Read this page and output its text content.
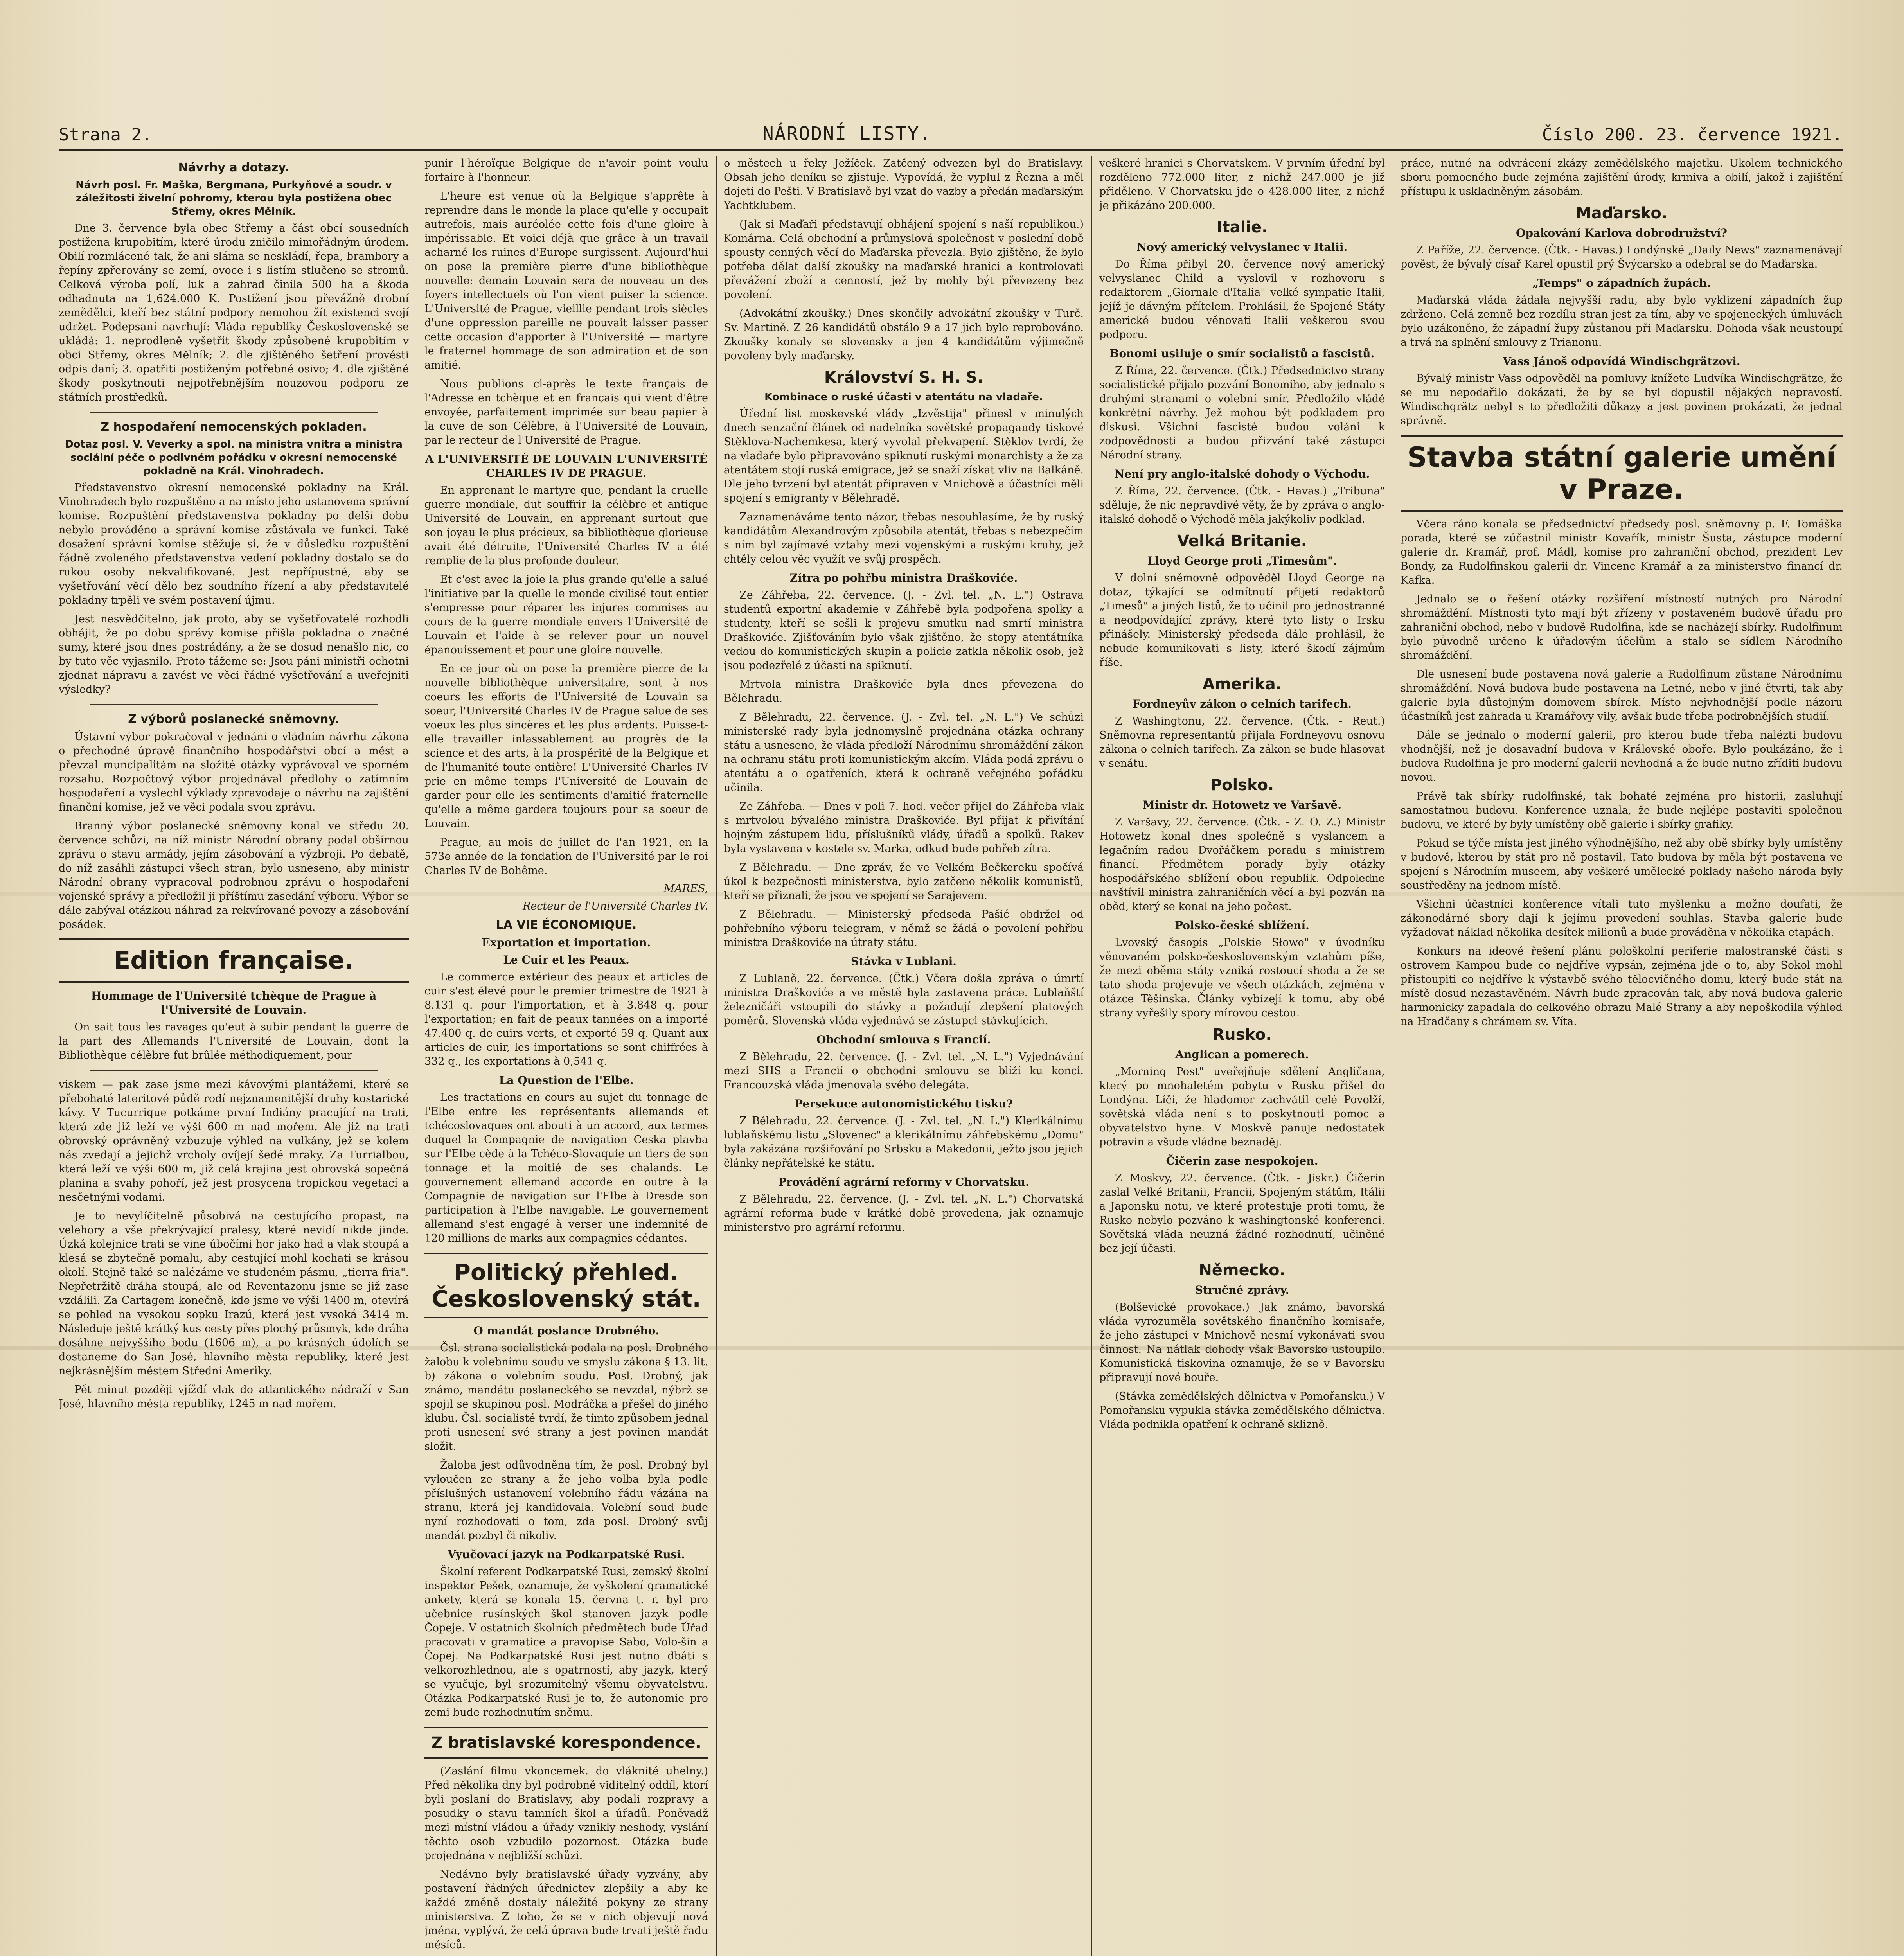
Strana 2.	NÁRODNÍ LISTY.	Číslo 200. 23. července 1921.
Návrhy a dotazy.
Návrh posl. Fr. Maška, Bergmana, Purkyňové a soudr. v záležitosti živelní pohromy, kterou byla postižena obec Střemy, okres Mělník.

Dne 3. července byla obec Střemy a část obcí sousedních postižena krupobitím, které úrodu zničilo mimořádným úrodem. Obilí rozmlácené tak, že ani sláma se neskládí, řepa, brambory a řepíny zpřerovány se zemí, ovoce i s listím stlučeno se stromů. Celková výroba polí, luk a zahrad činila 500 ha a škoda odhadnuta na 1,624.000 K. Postižení jsou převážně drobní zemědělci, kteří bez státní podpory nemohou žít existenci svojí udržet. Podepsaní navrhují: Vláda republiky Československé se ukládá: 1. neprodleně vyšetřit škody způsobené krupobitím v obci Střemy, okres Mělník; 2. dle zjištěného šetření provésti odpis daní; 3. opatřiti postiženým potřebné osivo; 4. dle zjištěné škody poskytnouti nejpotřebnějším nouzovou podporu ze státních prostředků.

Z hospodaření nemocenských pokladen.
Dotaz posl. V. Veverky a spol. na ministra vnitra a ministra sociální péče o podivném pořádku v okresní nemocenské pokladně na Král. Vinohradech.

Představenstvo okresní nemocenské pokladny na Král. Vinohradech bylo rozpuštěno a na místo jeho ustanovena správní komise. Rozpuštění představenstva pokladny po delší dobu nebylo prováděno a správní komise zůstávala ve funkci. Také dosažení správní komise stěžuje si, že v důsledku rozpuštění řádně zvoleného představenstva vedení pokladny dostalo se do rukou osoby nekvalifikované. Jest nepřípustné, aby se vyšetřování věcí dělo bez soudního řízení a aby představitelé pokladny trpěli ve svém postavení újmu.

Jest nesvědčitelno, jak proto, aby se vyšetřovatelé rozhodli obhájit, že po dobu správy komise přišla pokladna o značné sumy, které jsou dnes postrádány, a že se dosud nenašlo nic, co by tuto věc vyjasnilo. Proto tážeme se: Jsou páni ministři ochotni zjednat nápravu a zavést ve věci řádné vyšetřování a uveřejniti výsledky?

Z výborů poslanecké sněmovny.

Ústavní výbor pokračoval v jednání o vládním návrhu zákona o přechodné úpravě finančního hospodářství obcí a měst a převzal muncipalitám na složité otázky vyprávoval ve sporném rozsahu. Rozpočtový výbor projednával předlohy o zatímním hospodaření a vyslechl výklady zpravodaje o návrhu na zajištění finanční komise, jež ve věci podala svou zprávu.

Branný výbor poslanecké sněmovny konal ve středu 20. července schůzi, na níž ministr Národní obrany podal obšírnou zprávu o stavu armády, jejím zásobování a výzbroji. Po debatě, do níž zasáhli zástupci všech stran, bylo usneseno, aby ministr Národní obrany vypracoval podrobnou zprávu o hospodaření vojenské správy a předložil ji příštímu zasedání výboru. Výbor se dále zabýval otázkou náhrad za rekvírované povozy a zásobování posádek.

Edition française.
Hommage de l'Université tchèque de Prague à l'Université de Louvain.

On sait tous les ravages qu'eut à subir pendant la guerre de la part des Allemands l'Université de Louvain, dont la Bibliothèque célèbre fut brûlée méthodiquement, pour

viskem — pak zase jsme mezi kávovými plantážemi, které se přebohaté lateritové půdě rodí nejznamenitější druhy kostarické kávy. V Tucurrique potkáme první Indiány pracující na trati, která zde již leží ve výši 600 m nad mořem. Ale již na trati obrovský oprávněný vzbuzuje výhled na vulkány, jež se kolem nás zvedají a jejichž vrcholy ovíjejí šedé mraky. Za Turrialbou, která leží ve výši 600 m, již celá krajina jest obrovská sopečná planina a svahy pohoří, jež jest prosycena tropickou vegetací a nesčetnými vodami.

Je to nevylíčitelně působivá na cestujícího propast, na velehory a vše překrývající pralesy, které nevidí nikde jinde. Úzká kolejnice trati se vine úbočími hor jako had a vlak stoupá a klesá se zbytečně pomalu, aby cestující mohl kochati se krásou okolí. Stejně také se nalézáme ve studeném pásmu, „tierra fria". Nepřetržitě dráha stoupá, ale od Reventazonu jsme se již zase vzdálili. Za Cartagem konečně, kde jsme ve výši 1400 m, otevírá se pohled na vysokou sopku Irazú, která jest vysoká 3414 m. Následuje ještě krátký kus cesty přes plochý průsmyk, kde dráha dosáhne nejvyššího bodu (1606 m), a po krásných údolích se dostaneme do San José, hlavního města republiky, které jest nejkrásnějším městem Střední Ameriky.

Pět minut později vjíždí vlak do atlantického nádraží v San José, hlavního města republiky, 1245 m nad mořem.

punir l'héroïque Belgique de n'avoir point voulu forfaire à l'honneur.

L'heure est venue où la Belgique s'apprête à reprendre dans le monde la place qu'elle y occupait autrefois, mais auréolée cette fois d'une gloire à impérissable. Et voici déjà que grâce à un travail acharné les ruines d'Europe surgissent. Aujourd'hui on pose la première pierre d'une bibliothèque nouvelle: demain Louvain sera de nouveau un des foyers intellectuels où l'on vient puiser la science. L'Université de Prague, vieillie pendant trois siècles d'une oppression pareille ne pouvait laisser passer cette occasion d'apporter à l'Université — martyre le fraternel hommage de son admiration et de son amitié.

Nous publions ci-après le texte français de l'Adresse en tchèque et en français qui vient d'être envoyée, parfaitement imprimée sur beau papier à la cuve de son Célèbre, à l'Université de Louvain, par le recteur de l'Université de Prague.

A L'UNIVERSITÉ DE LOUVAIN L'UNIVERSITÉ CHARLES IV DE PRAGUE.

En apprenant le martyre que, pendant la cruelle guerre mondiale, dut souffrir la célèbre et antique Université de Louvain, en apprenant surtout que son joyau le plus précieux, sa bibliothèque glorieuse avait été détruite, l'Université Charles IV a été remplie de la plus profonde douleur.

Et c'est avec la joie la plus grande qu'elle a salué l'initiative par la quelle le monde civilisé tout entier s'empresse pour réparer les injures commises au cours de la guerre mondiale envers l'Université de Louvain et l'aide à se relever pour un nouvel épanouissement et pour une gloire nouvelle.

En ce jour où on pose la première pierre de la nouvelle bibliothèque universitaire, sont à nos coeurs les efforts de l'Université de Louvain sa soeur, l'Université Charles IV de Prague salue de ses voeux les plus sincères et les plus ardents. Puisse-t-elle travailler inlassablement au progrès de la science et des arts, à la prospérité de la Belgique et de l'humanité toute entière! L'Université Charles IV prie en même temps l'Université de Louvain de garder pour elle les sentiments d'amitié fraternelle qu'elle a même gardera toujours pour sa soeur de Louvain.

Prague, au mois de juillet de l'an 1921, en la 573e année de la fondation de l'Université par le roi Charles IV de Bohême.

MARES,
Recteur de l'Université Charles IV.
LA VIE ÉCONOMIQUE.
Exportation et importation.
Le Cuir et les Peaux.

Le commerce extérieur des peaux et articles de cuir s'est élevé pour le premier trimestre de 1921 à 8.131 q. pour l'importation, et à 3.848 q. pour l'exportation; en fait de peaux tannées on a importé 47.400 q. de cuirs verts, et exporté 59 q. Quant aux articles de cuir, les importations se sont chiffrées à 332 q., les exportations à 0,541 q.

La Question de l'Elbe.

Les tractations en cours au sujet du tonnage de l'Elbe entre les représentants allemands et tchécoslovaques ont abouti à un accord, aux termes duquel la Compagnie de navigation Ceska plavba sur l'Elbe cède à la Tchéco-Slovaquie un tiers de son tonnage et la moitié de ses chalands. Le gouvernement allemand accorde en outre à la Compagnie de navigation sur l'Elbe à Dresde son participation à l'Elbe navigable. Le gouvernement allemand s'est engagé à verser une indemnité de 120 millions de marks aux compagnies cédantes.

Politický přehled. Československý stát.
O mandát poslance Drobného.

Čsl. strana socialistická podala na posl. Drobného žalobu k volebnímu soudu ve smyslu zákona § 13. lit. b) zákona o volebním soudu. Posl. Drobný, jak známo, mandátu poslaneckého se nevzdal, nýbrž se spojil se skupinou posl. Modráčka a přešel do jiného klubu. Čsl. socialisté tvrdí, že tímto způsobem jednal proti usnesení své strany a jest povinen mandát složit.

Žaloba jest odůvodněna tím, že posl. Drobný byl vyloučen ze strany a že jeho volba byla podle příslušných ustanovení volebního řádu vázána na stranu, která jej kandidovala. Volební soud bude nyní rozhodovati o tom, zda posl. Drobný svůj mandát pozbyl či nikoliv.

Vyučovací jazyk na Podkarpatské Rusi.

Školní referent Podkarpatské Rusi, zemský školní inspektor Pešek, oznamuje, že vyškolení gramatické ankety, která se konala 15. června t. r. byl pro učebnice rusínských škol stanoven jazyk podle Čopeje. V ostatních školních předmětech bude Úřad pracovati v gramatice a pravopise Sabo, Volo-šin a Čopej. Na Podkarpatské Rusi jest nutno dbáti s velkorozhlednou, ale s opatrností, aby jazyk, který se vyučuje, byl srozumitelný všemu obyvatelstvu. Otázka Podkarpatské Rusi je to, že autonomie pro zemi bude rozhodnutím sněmu.

Z bratislavské korespondence.

(Zaslání filmu vkoncemek. do vláknité uhelny.) Před několika dny byl podrobně viditelný oddíl, ktorí byli poslaní do Bratislavy, aby podali rozpravy a posudky o stavu tamních škol a úřadů. Poněvadž mezi místní vládou a úřady vznikly neshody, vyslání těchto osob vzbudilo pozornost. Otázka bude projednána v nejbližší schůzi.

Nedávno byly bratislavské úřady vyzvány, aby postavení řádných úřednictev zlepšily a aby ke každé změně dostaly náležité pokyny ze strany ministerstva. Z toho, že se v nich objevují nová jména, vyplývá, že celá úprava bude trvati ještě řadu měsíců.

o městech u řeky Ježíček. Zatčený odvezen byl do Bratislavy. Obsah jeho deníku se zjistuje. Vypovídá, že vyplul z Řezna a měl dojeti do Pešti. V Bratislavě byl vzat do vazby a předán maďarským Yachtklubem.

(Jak si Maďaři představují obhájení spojení s naší republikou.) Komárna. Celá obchodní a průmyslová společnost v poslední době spousty cenných věcí do Maďarska převezla. Bylo zjištěno, že bylo potřeba dělat další zkoušky na maďarské hranici a kontrolovati převážení zboží a cenností, jež by mohly být převezeny bez povolení.

(Advokátní zkoušky.) Dnes skončily advokátní zkoušky v Turč. Sv. Martině. Z 26 kandidátů obstálo 9 a 17 jich bylo reprobováno. Zkoušky konaly se slovensky a jen 4 kandidátům výjimečně povoleny byly maďarsky.

Království S. H. S.
Kombinace o ruské účasti v atentátu na vladaře.

Úřední list moskevské vlády „Izvěstija" přinesl v minulých dnech senzační článek od nadelníka sovětské propagandy tiskové Stěklova-Nachemkesa, který vyvolal překvapení. Stěklov tvrdí, že na vladaře bylo připravováno spiknutí ruskými monarchisty a že za atentátem stojí ruská emigrace, jež se snaží získat vliv na Balkáně. Dle jeho tvrzení byl atentát připraven v Mnichově a účastníci měli spojení s emigranty v Bělehradě.

Zaznamenáváme tento názor, třebas nesouhlasíme, že by ruský kandidátům Alexandrovým způsobila atentát, třebas s nebezpečím s ním byl zajímavé vztahy mezi vojenskými a ruskými kruhy, jež chtěly celou věc využít ve svůj prospěch.

Zítra po pohřbu ministra Draškoviće.

Ze Záhřeba, 22. července. (J. - Zvl. tel. „N. L.") Ostrava studentů exportní akademie v Záhřebě byla podpořena spolky a studenty, kteří se sešli k projevu smutku nad smrtí ministra Draškoviće. Zjišťováním bylo však zjištěno, že stopy atentátníka vedou do komunistických skupin a policie zatkla několik osob, jež jsou podezřelé z účasti na spiknutí.

Mrtvola ministra Draškoviće byla dnes převezena do Bělehradu.

Z Bělehradu, 22. července. (J. - Zvl. tel. „N. L.") Ve schůzi ministerské rady byla jednomyslně projednána otázka ochrany státu a usneseno, že vláda předloží Národnímu shromáždění zákon na ochranu státu proti komunistickým akcím. Vláda podá zprávu o atentátu a o opatřeních, která k ochraně veřejného pořádku učinila.

Ze Záhřeba. — Dnes v poli 7. hod. večer přijel do Záhřeba vlak s mrtvolou bývalého ministra Draškoviće. Byl přijat k přivítání hojným zástupem lidu, příslušníků vlády, úřadů a spolků. Rakev byla vystavena v kostele sv. Marka, odkud bude pohřeb zítra.

Z Bělehradu. — Dne zpráv, že ve Velkém Bečkereku spočívá úkol k bezpečnosti ministerstva, bylo zatčeno několik komunistů, kteří se přiznali, že jsou ve spojení se Sarajevem.

Z Bělehradu. — Ministerský předseda Pašić obdržel od pohřebního výboru telegram, v němž se žádá o povolení pohřbu ministra Draškoviće na útraty státu.

Stávka v Lublani.

Z Lublaně, 22. července. (Čtk.) Včera došla zpráva o úmrtí ministra Draškoviće a ve městě byla zastavena práce. Lublaňští železničáři vstoupili do stávky a požadují zlepšení platových poměrů. Slovenská vláda vyjednává se zástupci stávkujících.

Obchodní smlouva s Francií.

Z Bělehradu, 22. července. (J. - Zvl. tel. „N. L.") Vyjednávání mezi SHS a Francií o obchodní smlouvu se blíží ku konci. Francouzská vláda jmenovala svého delegáta.

Persekuce autonomistického tisku?

Z Bělehradu, 22. července. (J. - Zvl. tel. „N. L.") Klerikálnímu lublaňskému listu „Slovenec" a klerikálnímu záhřebskému „Domu" byla zakázána rozšiřování po Srbsku a Makedonii, ježto jsou jejich články nepřátelské ke státu.

Provádění agrární reformy v Chorvatsku.

Z Bělehradu, 22. července. (J. - Zvl. tel. „N. L.") Chorvatská agrární reforma bude v krátké době provedena, jak oznamuje ministerstvo pro agrární reformu.

veškeré hranici s Chorvatskem. V prvním úřední byl rozděleno 772.000 liter, z nichž 247.000 je již přiděleno. V Chorvatsku jde o 428.000 liter, z nichž je přikázáno 200.000.

Italie.
Nový americký velvyslanec v Italii.

Do Říma přibyl 20. července nový americký velvyslanec Child a vyslovil v rozhovoru s redaktorem „Giornale d'Italia" velké sympatie Italii, jejíž je dávným přítelem. Prohlásil, že Spojené Státy americké budou věnovati Italii veškerou svou podporu.

Bonomi usiluje o smír socialistů a fascistů.

Z Říma, 22. července. (Čtk.) Předsednictvo strany socialistické přijalo pozvání Bonomiho, aby jednalo s druhými stranami o volební smír. Předložilo vládě konkrétní návrhy. Jež mohou být podkladem pro diskusi. Všichni fascisté budou voláni k zodpovědnosti a budou přizvání také zástupci Národní strany.

Není pry anglo-italské dohody o Východu.

Z Říma, 22. července. (Čtk. - Havas.) „Tribuna" sděluje, že nic nepravdivé věty, že by zpráva o anglo-italské dohodě o Východě měla jakýkoliv podklad.

Velká Britanie.
Lloyd George proti „Timesům".

V dolní sněmovně odpověděl Lloyd George na dotaz, týkající se odmítnutí přijetí redaktorů „Timesů" a jiných listů, že to učinil pro jednostranné a neodpovídající zprávy, které tyto listy o Irsku přinášely. Ministerský předseda dále prohlásil, že nebude komunikovati s listy, které škodí zájmům říše.

Amerika.
Fordneyův zákon o celních tarifech.

Z Washingtonu, 22. července. (Čtk. - Reut.) Sněmovna representantů přijala Fordneyovu osnovu zákona o celních tarifech. Za zákon se bude hlasovat v senátu.

Polsko.
Ministr dr. Hotowetz ve Varšavě.

Z Varšavy, 22. července. (Čtk. - Z. O. Z.) Ministr Hotowetz konal dnes společně s vyslancem a legačním radou Dvořáčkem poradu s ministrem financí. Předmětem porady byly otázky hospodářského sblížení obou republik. Odpoledne navštívil ministra zahraničních věcí a byl pozván na oběd, který se konal na jeho počest.

Polsko-české sblížení.

Lvovský časopis „Polskie Słowo" v úvodníku věnovaném polsko-československým vztahům píše, že mezi oběma státy vzniká rostoucí shoda a že se tato shoda projevuje ve všech otázkách, zejména v otázce Těšínska. Články vybízejí k tomu, aby obě strany vyřešily spory mírovou cestou.

Rusko.
Anglican a pomerech.

„Morning Post" uveřejňuje sdělení Angličana, který po mnohaletém pobytu v Rusku přišel do Londýna. Líčí, že hladomor zachvátil celé Povolží, sovětská vláda není s to poskytnouti pomoc a obyvatelstvo hyne. V Moskvě panuje nedostatek potravin a všude vládne beznaděj.

Čičerin zase nespokojen.

Z Moskvy, 22. července. (Čtk. - Jiskr.) Čičerin zaslal Velké Britanii, Francii, Spojeným státům, Itálii a Japonsku notu, ve které protestuje proti tomu, že Rusko nebylo pozváno k washingtonské konferenci. Sovětská vláda neuzná žádné rozhodnutí, učiněné bez její účasti.

Německo.
Stručné zprávy.

(Bolševické provokace.) Jak známo, bavorská vláda vyrozuměla sovětského finančního komisaře, že jeho zástupci v Mnichově nesmí vykonávati svou činnost. Na nátlak dohody však Bavorsko ustoupilo. Komunistická tiskovina oznamuje, že se v Bavorsku připravují nové bouře.

(Stávka zemědělských dělnictva v Pomořansku.) V Pomořansku vypukla stávka zemědělského dělnictva. Vláda podnikla opatření k ochraně sklizně.

práce, nutné na odvrácení zkázy zemědělského majetku. Ukolem technického sboru pomocného bude zejména zajištění úrody, krmiva a obilí, jakož i zajištění přístupu k uskladněným zásobám.

Maďarsko.
Opakování Karlova dobrodružství?

Z Paříže, 22. července. (Čtk. - Havas.) Londýnské „Daily News" zaznamenávají pověst, že bývalý císař Karel opustil prý Švýcarsko a odebral se do Maďarska.

„Temps" o západních župách.

Maďarská vláda žádala nejvyšší radu, aby bylo vyklizení západních žup zdrženo. Celá zemně bez rozdílu stran jest za tím, aby ve spojeneckých úmluvách bylo uzákoněno, že západní župy zůstanou při Maďarsku. Dohoda však neustoupí a trvá na splnění smlouvy z Trianonu.

Vass Jánoš odpovídá Windischgrätzovi.

Bývalý ministr Vass odpověděl na pomluvy knížete Ludvíka Windischgrätze, že se mu nepodařilo dokázati, že by se byl dopustil nějakých nepravostí. Windischgrätz nebyl s to předložiti důkazy a jest povinen prokázati, že jednal správně.

Stavba státní galerie umění v Praze.

Včera ráno konala se předsednictví předsedy posl. sněmovny p. F. Tomáška porada, které se zúčastnil ministr Kovařík, ministr Šusta, zástupce moderní galerie dr. Kramář, prof. Mádl, komise pro zahraniční obchod, prezident Lev Bondy, za Rudolfinskou galerii dr. Vincenc Kramář a za ministerstvo financí dr. Kafka.

Jednalo se o řešení otázky rozšíření místností nutných pro Národní shromáždění. Místnosti tyto mají být zřízeny v postaveném budově úřadu pro zahraniční obchod, nebo v budově Rudolfina, kde se nacházejí sbírky. Rudolfinum bylo původně určeno k úřadovým účelům a stalo se sídlem Národního shromáždění.

Dle usnesení bude postavena nová galerie a Rudolfinum zůstane Národnímu shromáždění. Nová budova bude postavena na Letné, nebo v jiné čtvrti, tak aby galerie byla důstojným domovem sbírek. Místo nejvhodnější podle názoru účastníků jest zahrada u Kramářovy vily, avšak bude třeba podrobnějších studií.

Dále se jednalo o moderní galerii, pro kterou bude třeba nalézti budovu vhodnější, než je dosavadní budova v Královské oboře. Bylo poukázáno, že i budova Rudolfina je pro moderní galerii nevhodná a že bude nutno zříditi budovu novou.

Právě tak sbírky rudolfinské, tak bohaté zejména pro historii, zasluhují samostatnou budovu. Konference uznala, že bude nejlépe postaviti společnou budovu, ve které by byly umístěny obě galerie i sbírky grafiky.

Pokud se týče místa jest jiného výhodnějšího, než aby obě sbírky byly umístěny v budově, kterou by stát pro ně postavil. Tato budova by měla být postavena ve spojení s Národním museem, aby veškeré umělecké poklady našeho národa byly soustředěny na jednom místě.

Všichni účastníci konference vítali tuto myšlenku a možno doufati, že zákonodárné sbory dají k jejímu provedení souhlas. Stavba galerie bude vyžadovat náklad několika desítek milionů a bude prováděna v několika etapách.

Konkurs na ideové řešení plánu pološkolní periferie malostranské části s ostrovem Kampou bude co nejdříve vypsán, zejména jde o to, aby Sokol mohl přistoupiti co nejdříve k výstavbě svého tělocvičného domu, který bude stát na místě dosud nezastavěném. Návrh bude zpracován tak, aby nová budova galerie harmonicky zapadala do celkového obrazu Malé Strany a aby nepoškodila výhled na Hradčany s chrámem sv. Víta.
